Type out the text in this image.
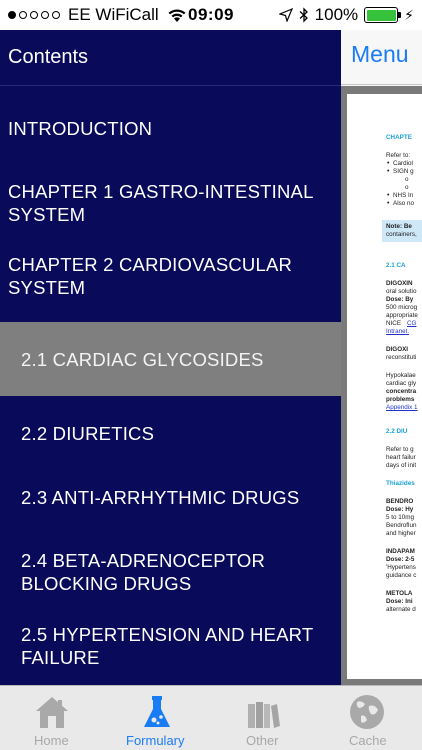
EE WiFiCall	09:09	100%	⚡
Contents
INTRODUCTION
CHAPTER 1 GASTRO-INTESTINAL SYSTEM
CHAPTER 2 CARDIOVASCULAR SYSTEM
2.1 CARDIAC GLYCOSIDES
2.2 DIURETICS
2.3 ANTI-ARRHYTHMIC DRUGS
2.4 BETA-ADRENOCEPTOR BLOCKING DRUGS
2.5 HYPERTENSION AND HEART FAILURE
Menu
CHAPTE
Refer to:
• Cardiol
• SIGN g
o
o
• NHS In
• Also no
Note: Be
containers,
2.1 CA
DIGOXIN
oral solutio
Dose: By
500 microg
appropriate
NICE CG
Intranet.
DIGOXI
reconstituti
Hypokalae
cardiac gly
concentra
problems
Appendix 1
2.2 DIU
Refer to g
heart failur
days of init
Thiazides
BENDRO
Dose: Hy
5 to 10mg
Bendroflun
and higher
INDAPAM
Dose: 2-5
'Hypertens
guidance c
METOLA
Dose: Ini
alternate d
Home	Formulary	Other	Cache
